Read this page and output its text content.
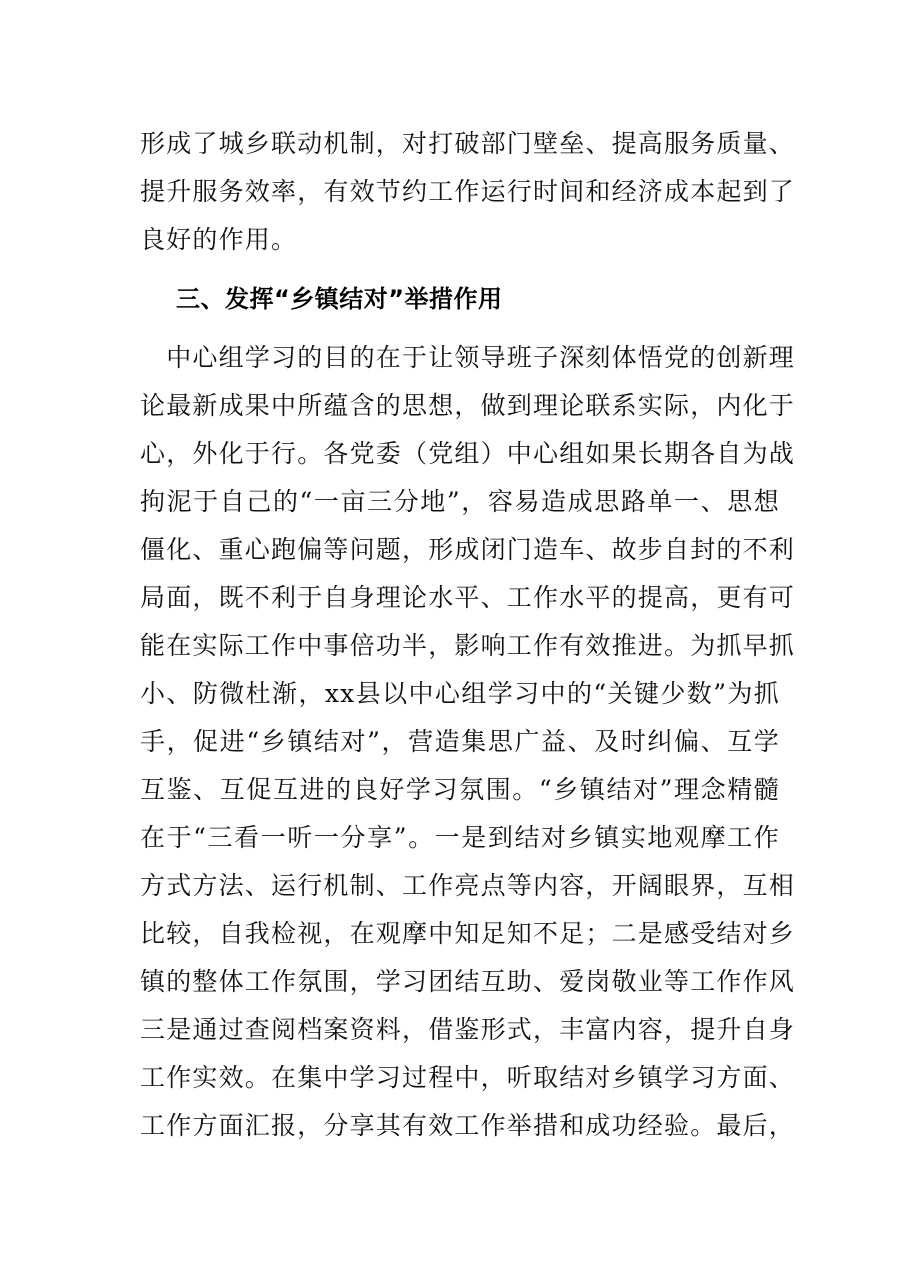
形成了城乡联动机制，对打破部门壁垒、提高服务质量、
提升服务效率，有效节约工作运行时间和经济成本起到了
良好的作用。
三、发挥“乡镇结对”举措作用
　中心组学习的目的在于让领导班子深刻体悟党的创新理
论最新成果中所蕴含的思想，做到理论联系实际，内化于
心，外化于行。各党委（党组）中心组如果长期各自为战
拘泥于自己的“一亩三分地”，容易造成思路单一、思想
僵化、重心跑偏等问题，形成闭门造车、故步自封的不利
局面，既不利于自身理论水平、工作水平的提高，更有可
能在实际工作中事倍功半，影响工作有效推进。为抓早抓
小、防微杜渐，xx县以中心组学习中的“关键少数”为抓
手，促进“乡镇结对”，营造集思广益、及时纠偏、互学
互鉴、互促互进的良好学习氛围。“乡镇结对”理念精髓
在于“三看一听一分享”。一是到结对乡镇实地观摩工作
方式方法、运行机制、工作亮点等内容，开阔眼界，互相
比较，自我检视，在观摩中知足知不足；二是感受结对乡
镇的整体工作氛围，学习团结互助、爱岗敬业等工作作风
三是通过查阅档案资料，借鉴形式，丰富内容，提升自身
工作实效。在集中学习过程中，听取结对乡镇学习方面、
工作方面汇报，分享其有效工作举措和成功经验。最后，
